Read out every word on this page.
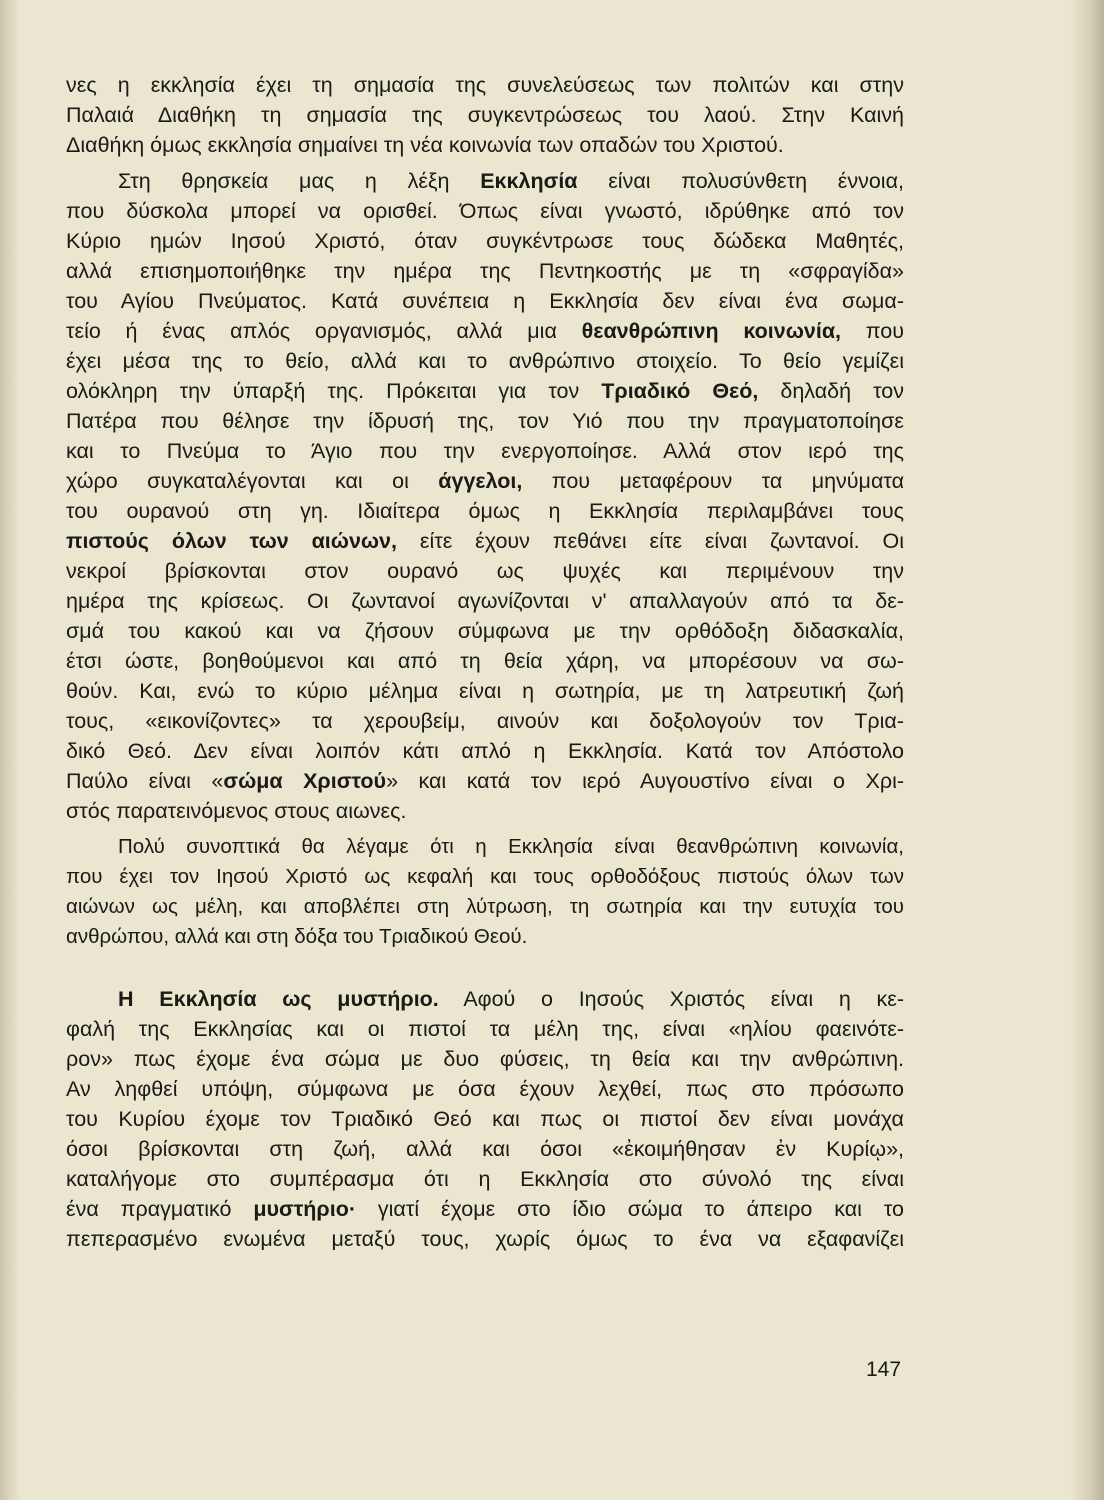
νες η εκκλησία έχει τη σημασία της συνελεύσεως των πολιτών και στην
Παλαιά Διαθήκη τη σημασία της συγκεντρώσεως του λαού. Στην Καινή
Διαθήκη όμως εκκλησία σημαίνει τη νέα κοινωνία των οπαδών του Χριστού.
Στη θρησκεία μας η λέξη Εκκλησία είναι πολυσύνθετη έννοια,
που δύσκολα μπορεί να ορισθεί. Όπως είναι γνωστό, ιδρύθηκε από τον
Κύριο ημών Ιησού Χριστό, όταν συγκέντρωσε τους δώδεκα Μαθητές,
αλλά επισημοποιήθηκε την ημέρα της Πεντηκοστής με τη «σφραγίδα»
του Αγίου Πνεύματος. Κατά συνέπεια η Εκκλησία δεν είναι ένα σωμα-
τείο ή ένας απλός οργανισμός, αλλά μια θεανθρώπινη κοινωνία, που
έχει μέσα της το θείο, αλλά και το ανθρώπινο στοιχείο. Το θείο γεμίζει
ολόκληρη την ύπαρξή της. Πρόκειται για τον Τριαδικό Θεό, δηλαδή τον
Πατέρα που θέλησε την ίδρυσή της, τον Υιό που την πραγματοποίησε
και το Πνεύμα το Άγιο που την ενεργοποίησε. Αλλά στον ιερό της
χώρο συγκαταλέγονται και οι άγγελοι, που μεταφέρουν τα μηνύματα
του ουρανού στη γη. Ιδιαίτερα όμως η Εκκλησία περιλαμβάνει τους
πιστούς όλων των αιώνων, είτε έχουν πεθάνει είτε είναι ζωντανοί. Οι
νεκροί βρίσκονται στον ουρανό ως ψυχές και περιμένουν την
ημέρα της κρίσεως. Οι ζωντανοί αγωνίζονται ν' απαλλαγούν από τα δε-
σμά του κακού και να ζήσουν σύμφωνα με την ορθόδοξη διδασκαλία,
έτσι ώστε, βοηθούμενοι και από τη θεία χάρη, να μπορέσουν να σω-
θούν. Και, ενώ το κύριο μέλημα είναι η σωτηρία, με τη λατρευτική ζωή
τους, «εικονίζοντες» τα χερουβείμ, αινούν και δοξολογούν τον Τρια-
δικό Θεό. Δεν είναι λοιπόν κάτι απλό η Εκκλησία. Κατά τον Απόστολο
Παύλο είναι «σώμα Χριστού» και κατά τον ιερό Αυγουστίνο είναι ο Χρι-
στός παρατεινόμενος στους αιωνες.
Πολύ συνοπτικά θα λέγαμε ότι η Εκκλησία είναι θεανθρώπινη κοινωνία,
που έχει τον Ιησού Χριστό ως κεφαλή και τους ορθοδόξους πιστούς όλων των
αιώνων ως μέλη, και αποβλέπει στη λύτρωση, τη σωτηρία και την ευτυχία του
ανθρώπου, αλλά και στη δόξα του Τριαδικού Θεού.
Η Εκκλησία ως μυστήριο. Αφού ο Ιησούς Χριστός είναι η κε-
φαλή της Εκκλησίας και οι πιστοί τα μέλη της, είναι «ηλίου φαεινότε-
ρον» πως έχομε ένα σώμα με δυο φύσεις, τη θεία και την ανθρώπινη.
Αν ληφθεί υπόψη, σύμφωνα με όσα έχουν λεχθεί, πως στο πρόσωπο
του Κυρίου έχομε τον Τριαδικό Θεό και πως οι πιστοί δεν είναι μονάχα
όσοι βρίσκονται στη ζωή, αλλά και όσοι «ἐκοιμήθησαν ἐν Κυρίῳ»,
καταλήγομε στο συμπέρασμα ότι η Εκκλησία στο σύνολό της είναι
ένα πραγματικό μυστήριο· γιατί έχομε στο ίδιο σώμα το άπειρο και το
πεπερασμένο ενωμένα μεταξύ τους, χωρίς όμως το ένα να εξαφανίζει
147
